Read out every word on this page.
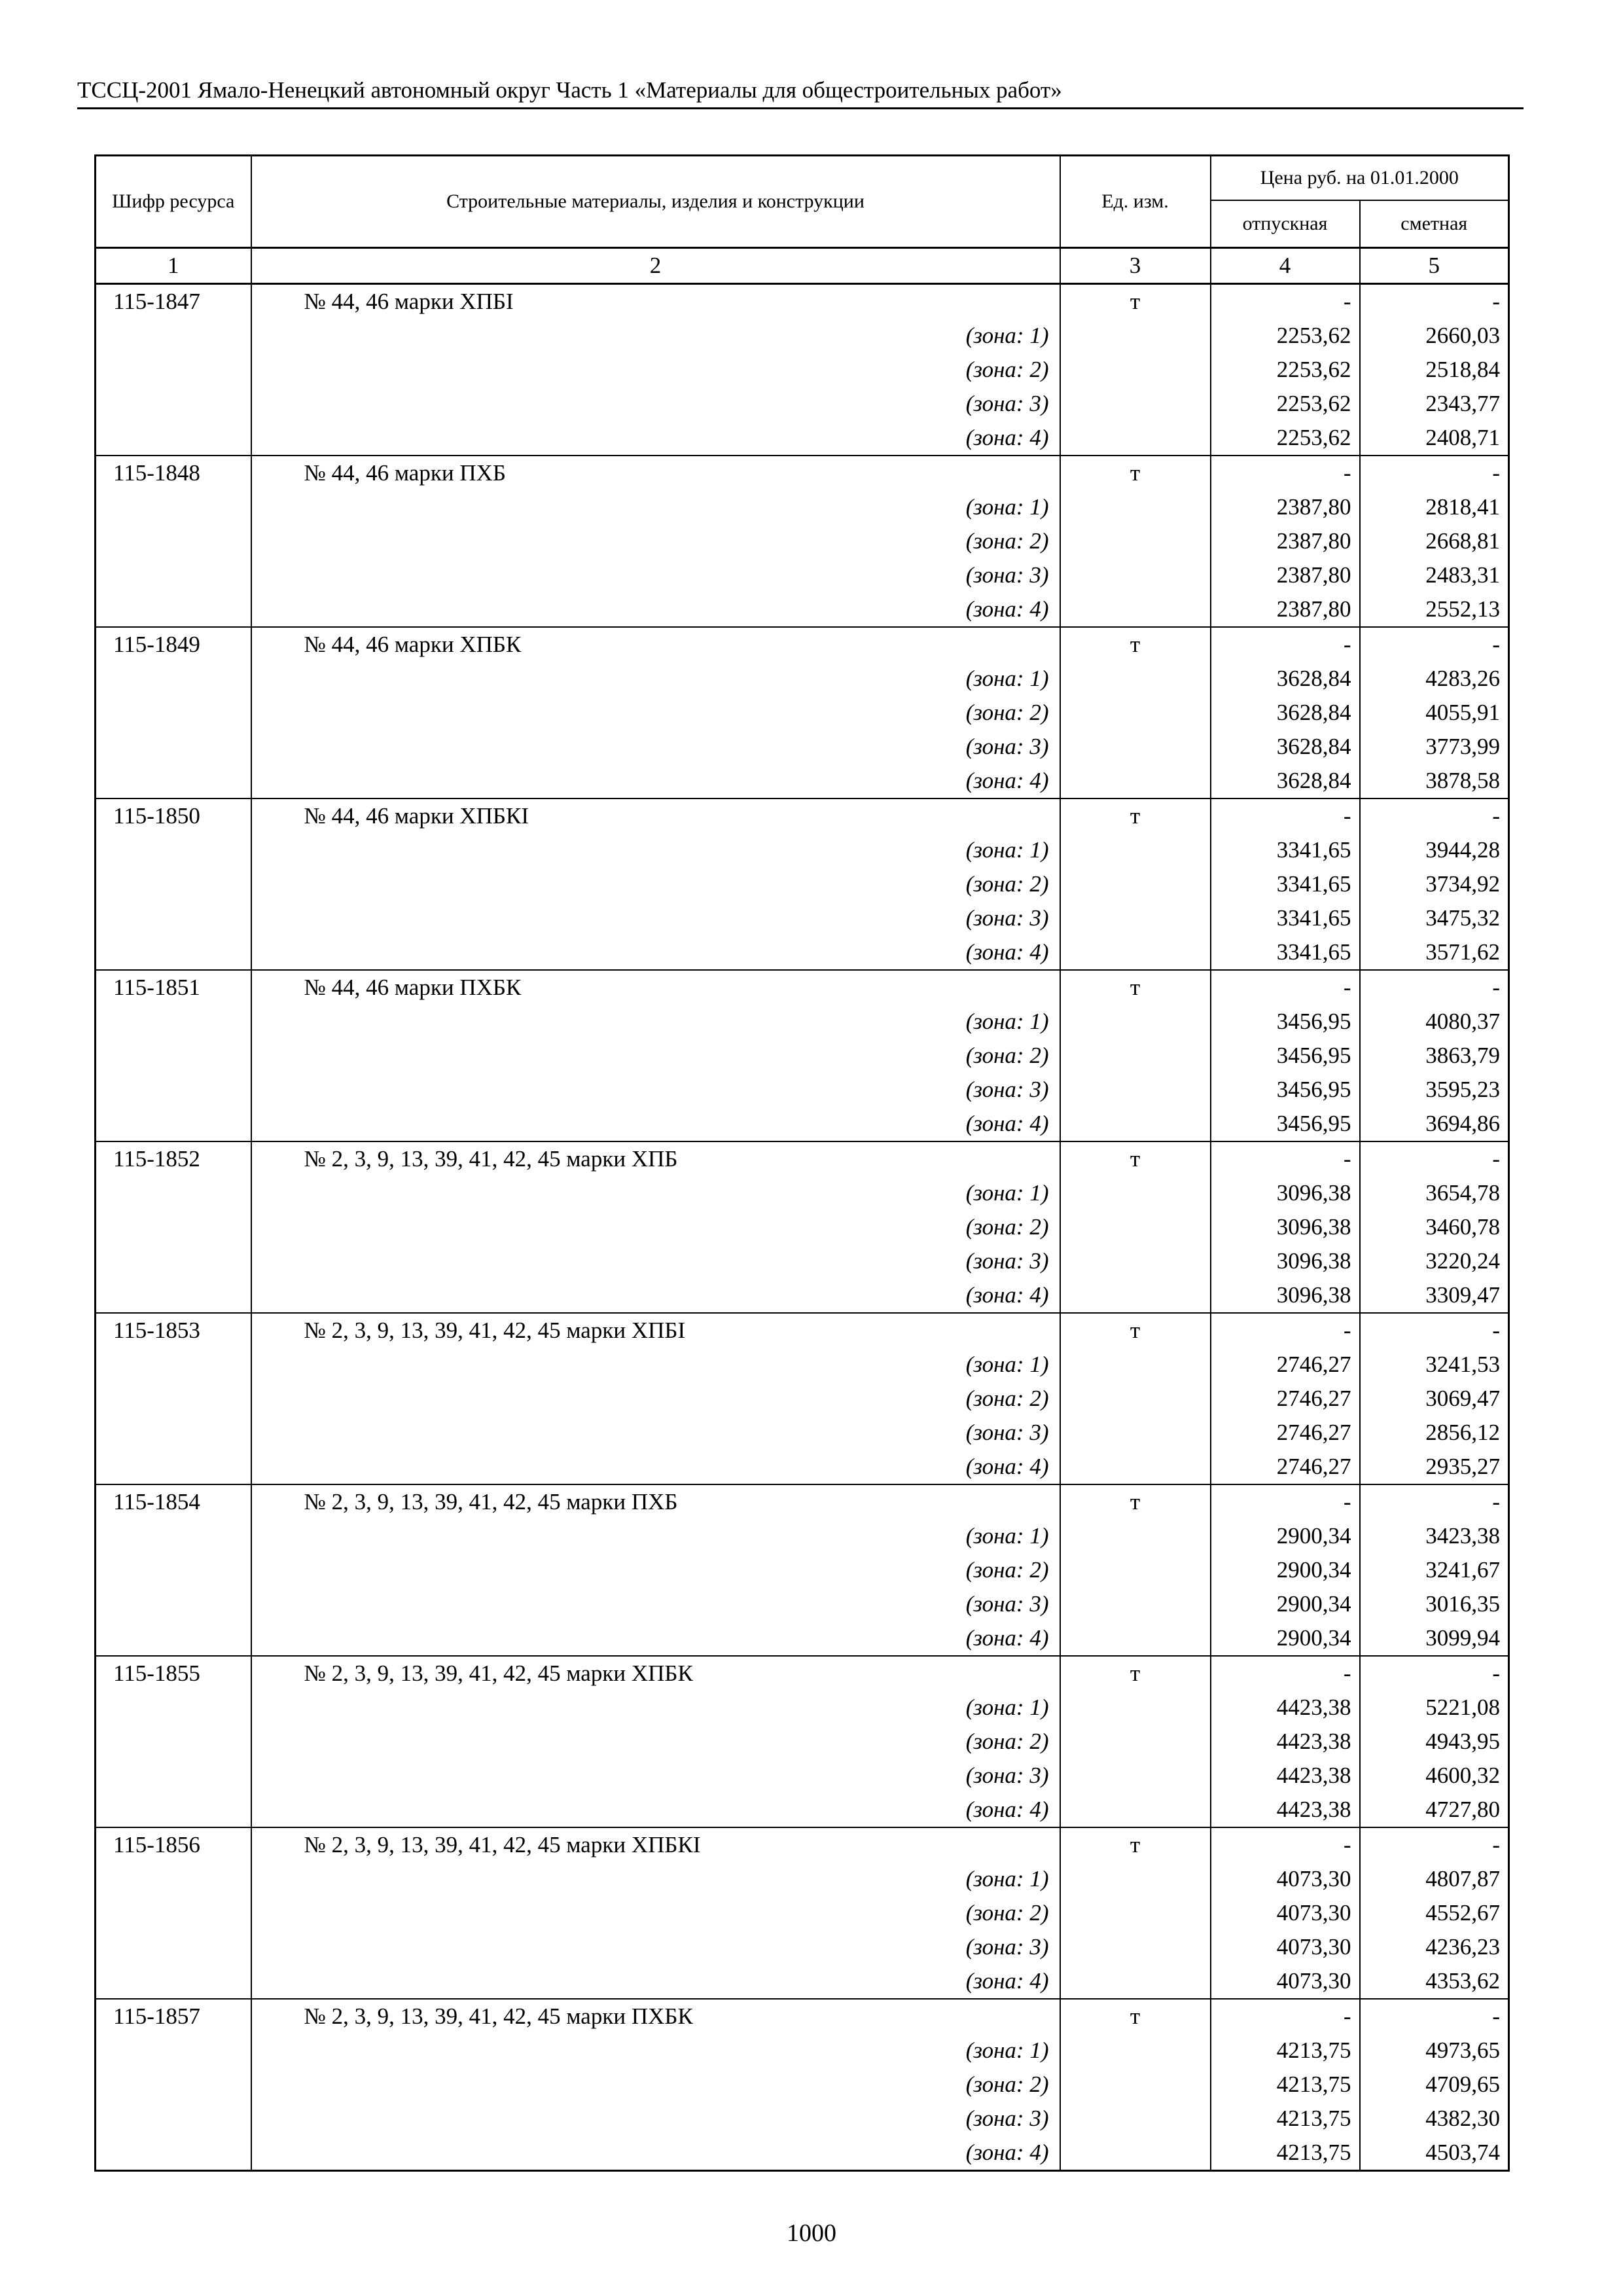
ТССЦ-2001 Ямало-Ненецкий автономный округ Часть 1 «Материалы для общестроительных работ»
Шифр ресурса	Строительные материалы, изделия и конструкции	Ед. изм.	Цена руб. на 01.01.2000	
			отпускная	сметная
1	2	3	4	5
115-1847	№ 44, 46 марки ХПБI	т	-	-
	(зона: 1)		2253,62	2660,03
	(зона: 2)		2253,62	2518,84
	(зона: 3)		2253,62	2343,77
	(зона: 4)		2253,62	2408,71
115-1848	№ 44, 46 марки ПХБ	т	-	-
	(зона: 1)		2387,80	2818,41
	(зона: 2)		2387,80	2668,81
	(зона: 3)		2387,80	2483,31
	(зона: 4)		2387,80	2552,13
115-1849	№ 44, 46 марки ХПБК	т	-	-
	(зона: 1)		3628,84	4283,26
	(зона: 2)		3628,84	4055,91
	(зона: 3)		3628,84	3773,99
	(зона: 4)		3628,84	3878,58
115-1850	№ 44, 46 марки ХПБКI	т	-	-
	(зона: 1)		3341,65	3944,28
	(зона: 2)		3341,65	3734,92
	(зона: 3)		3341,65	3475,32
	(зона: 4)		3341,65	3571,62
115-1851	№ 44, 46 марки ПХБК	т	-	-
	(зона: 1)		3456,95	4080,37
	(зона: 2)		3456,95	3863,79
	(зона: 3)		3456,95	3595,23
	(зона: 4)		3456,95	3694,86
115-1852	№ 2, 3, 9, 13, 39, 41, 42, 45 марки ХПБ	т	-	-
	(зона: 1)		3096,38	3654,78
	(зона: 2)		3096,38	3460,78
	(зона: 3)		3096,38	3220,24
	(зона: 4)		3096,38	3309,47
115-1853	№ 2, 3, 9, 13, 39, 41, 42, 45 марки ХПБI	т	-	-
	(зона: 1)		2746,27	3241,53
	(зона: 2)		2746,27	3069,47
	(зона: 3)		2746,27	2856,12
	(зона: 4)		2746,27	2935,27
115-1854	№ 2, 3, 9, 13, 39, 41, 42, 45 марки ПХБ	т	-	-
	(зона: 1)		2900,34	3423,38
	(зона: 2)		2900,34	3241,67
	(зона: 3)		2900,34	3016,35
	(зона: 4)		2900,34	3099,94
115-1855	№ 2, 3, 9, 13, 39, 41, 42, 45 марки ХПБК	т	-	-
	(зона: 1)		4423,38	5221,08
	(зона: 2)		4423,38	4943,95
	(зона: 3)		4423,38	4600,32
	(зона: 4)		4423,38	4727,80
115-1856	№ 2, 3, 9, 13, 39, 41, 42, 45 марки ХПБКI	т	-	-
	(зона: 1)		4073,30	4807,87
	(зона: 2)		4073,30	4552,67
	(зона: 3)		4073,30	4236,23
	(зона: 4)		4073,30	4353,62
115-1857	№ 2, 3, 9, 13, 39, 41, 42, 45 марки ПХБК	т	-	-
	(зона: 1)		4213,75	4973,65
	(зона: 2)		4213,75	4709,65
	(зона: 3)		4213,75	4382,30
	(зона: 4)		4213,75	4503,74
1000
